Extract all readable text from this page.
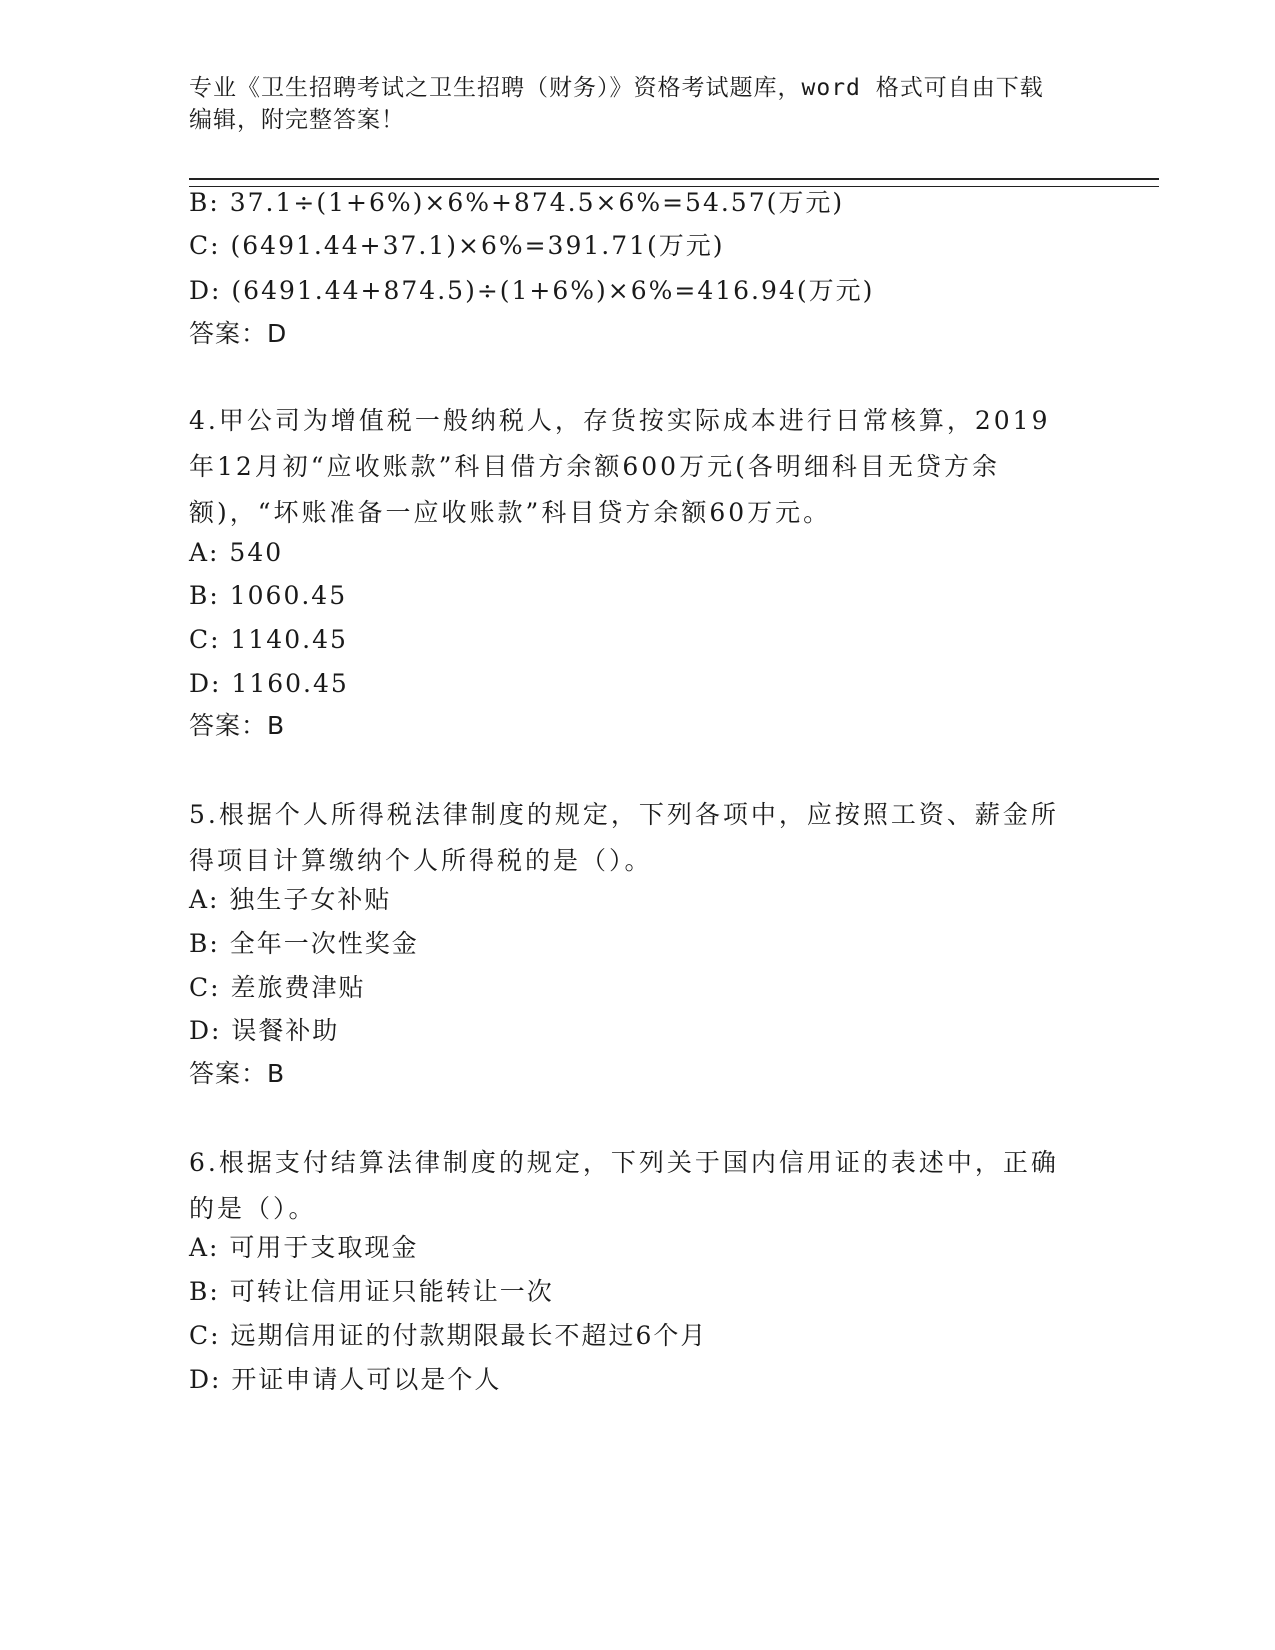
专业《卫生招聘考试之卫生招聘（财务）》资格考试题库，word 格式可自由下载
编辑，附完整答案！
B: 37.1÷(1+6%)×6%+874.5×6%=54.57(万元)
C: (6491.44+37.1)×6%=391.71(万元)
D: (6491.44+874.5)÷(1+6%)×6%=416.94(万元)
答案：D
4.甲公司为增值税一般纳税人，存货按实际成本进行日常核算，2019年12月初“应收账款”科目借方余额600万元(各明细科目无贷方余额)，“坏账准备一应收账款”科目贷方余额60万元。
A: 540
B: 1060.45
C: 1140.45
D: 1160.45
答案：B
5.根据个人所得税法律制度的规定，下列各项中，应按照工资、薪金所得项目计算缴纳个人所得税的是（）。
A: 独生子女补贴
B: 全年一次性奖金
C: 差旅费津贴
D: 误餐补助
答案：B
6.根据支付结算法律制度的规定，下列关于国内信用证的表述中，正确的是（）。
A: 可用于支取现金
B: 可转让信用证只能转让一次
C: 远期信用证的付款期限最长不超过6个月
D: 开证申请人可以是个人
